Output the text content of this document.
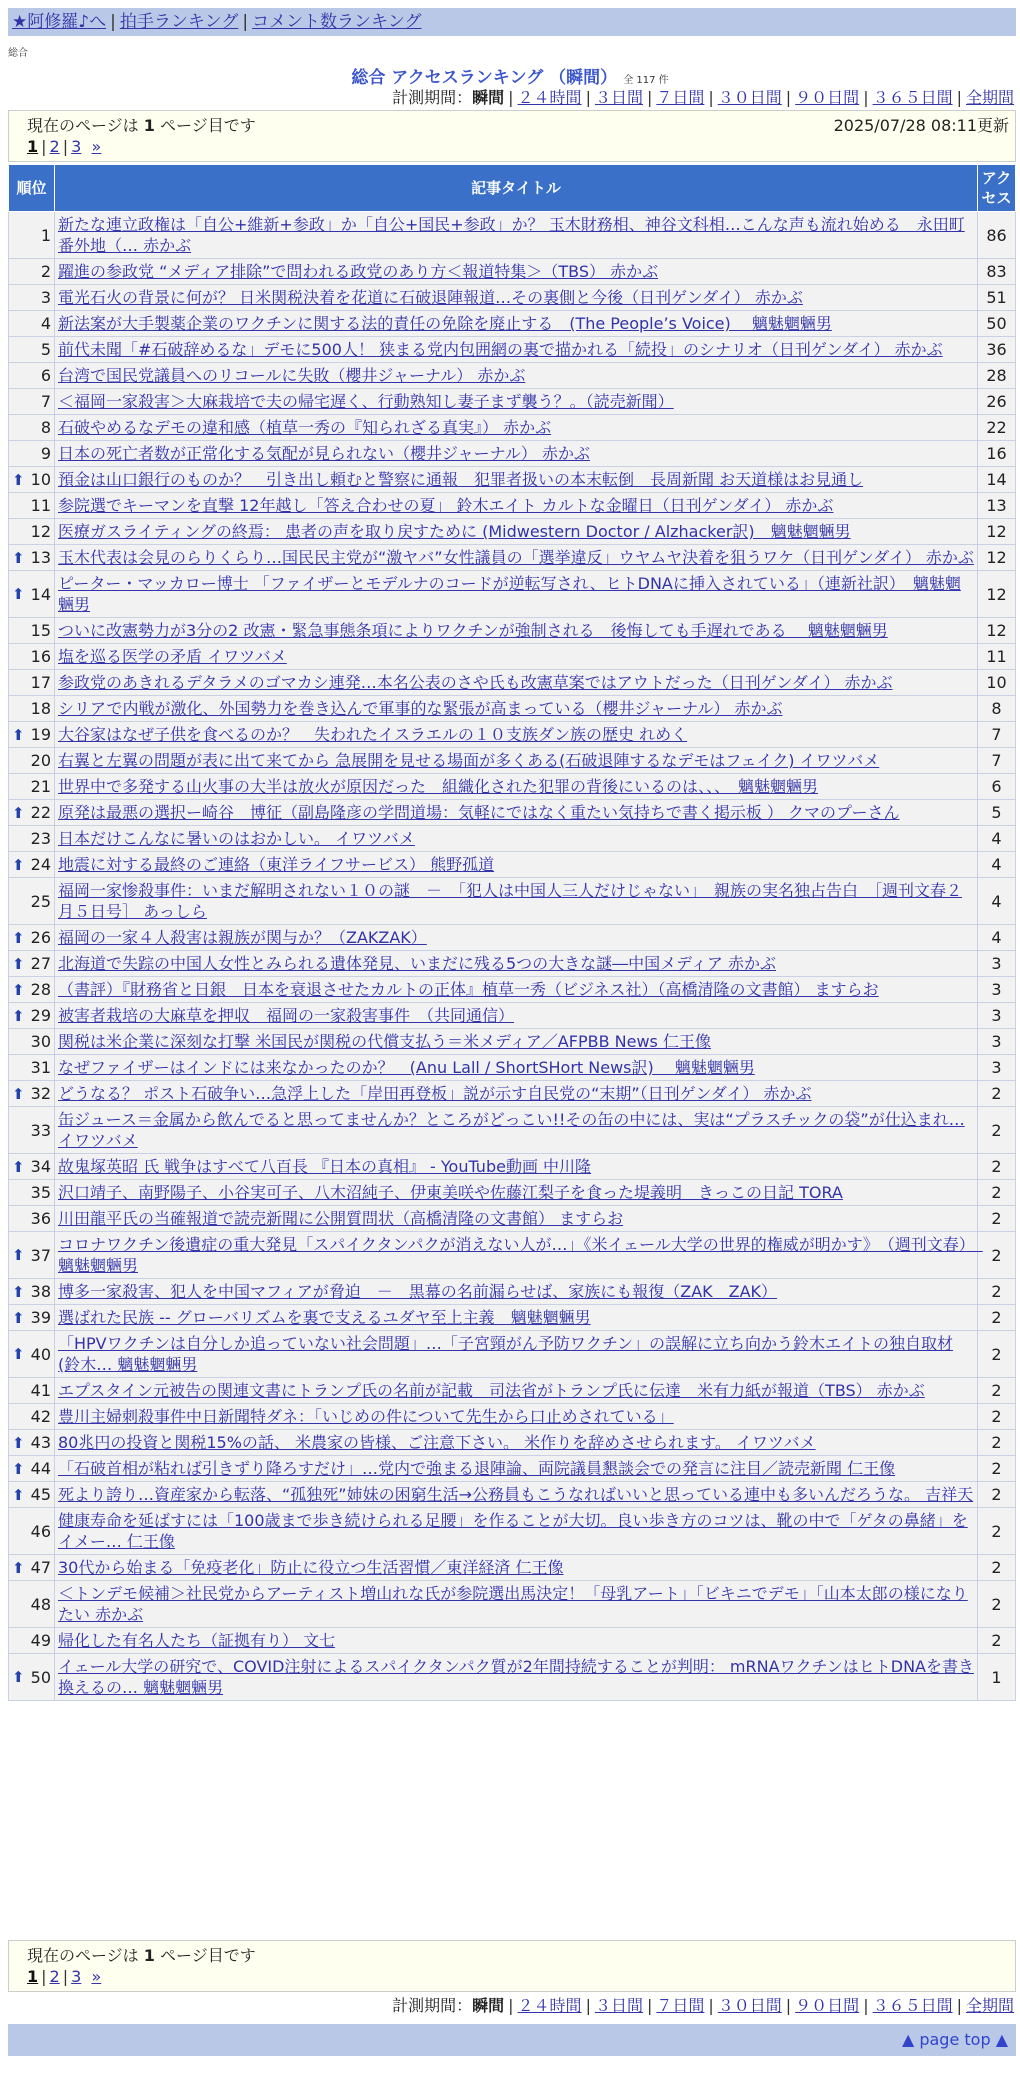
★阿修羅♪へ | 拍手ランキング | コメント数ランキング
総合
総合 アクセスランキング （瞬間） 全 117 件
計測期間：瞬間 | ２４時間 | ３日間 | ７日間 | ３０日間 | ９０日間 | ３６５日間 | 全期間
現在のページは 1 ページ目です	2025/07/28 08:11更新
1 | 2 | 3 »
順位	記事タイトル	アクセス
1	新たな連立政権は「自公+維新+参政」か「自公+国民+参政」か？ 玉木財務相、神谷文科相…こんな声も流れ始める　永田町番外地（… 赤かぶ	86
2	躍進の参政党 “メディア排除”で問われる政党のあり方＜報道特集＞（TBS） 赤かぶ	83
3	電光石火の背景に何が？ 日米関税決着を花道に石破退陣報道…その裏側と今後（日刊ゲンダイ） 赤かぶ	51
4	新法案が大手製薬企業のワクチンに関する法的責任の免除を廃止する　(The People’s Voice)　 魑魅魍魎男	50
5	前代未聞「#石破辞めるな」デモに500人！ 狭まる党内包囲網の裏で描かれる「続投」のシナリオ（日刊ゲンダイ） 赤かぶ	36
6	台湾で国民党議員へのリコールに失敗（櫻井ジャーナル） 赤かぶ	28
7	＜福岡一家殺害＞大麻栽培で夫の帰宅遅く、行動熟知し妻子まず襲う？。（読売新聞）	26
8	石破やめるなデモの違和感（植草一秀の『知られざる真実』） 赤かぶ	22
9	日本の死亡者数が正常化する気配が見られない（櫻井ジャーナル） 赤かぶ	16

⬆ 10	預金は山口銀行のものか？　引き出し頼むと警察に通報　犯罪者扱いの本末転倒　長周新聞 お天道様はお見通し	14
11	参院選でキーマンを直撃 12年越し「答え合わせの夏」 鈴木エイト カルトな金曜日（日刊ゲンダイ） 赤かぶ	13
12	医療ガスライティングの終焉： 患者の声を取り戻すために (Midwestern Doctor / Alzhacker訳)　魑魅魍魎男	12

⬆ 13	玉木代表は会見のらりくらり…国民民主党が“激ヤバ”女性議員の「選挙違反」ウヤムヤ決着を狙うワケ（日刊ゲンダイ） 赤かぶ	12

⬆ 14	ピーター・マッカロー博士 「ファイザーとモデルナのコードが逆転写され、ヒトDNAに挿入されている」（連新社訳）　魑魅魍魎男	12
15	ついに改憲勢力が3分の2 改憲・緊急事態条項によりワクチンが強制される　後悔しても手遅れである　 魑魅魍魎男	12
16	塩を巡る医学の矛盾 イワツバメ	11
17	参政党のあきれるデタラメのゴマカシ連発…本名公表のさや氏も改憲草案ではアウトだった（日刊ゲンダイ） 赤かぶ	10
18	シリアで内戦が激化、外国勢力を巻き込んで軍事的な緊張が高まっている（櫻井ジャーナル） 赤かぶ	8

⬆ 19	大谷家はなぜ子供を食べるのか？　失われたイスラエルの１０支族ダン族の歴史 れめく	7
20	右翼と左翼の問題が表に出て来てから 急展開を見せる場面が多くある(石破退陣するなデモはフェイク) イワツバメ	7
21	世界中で多発する山火事の大半は放火が原因だった　組織化された犯罪の背後にいるのは、、、　魑魅魍魎男	6

⬆ 22	原発は最悪の選択ー崎谷　博征（副島隆彦の学問道場：気軽にではなく重たい気持ちで書く掲示板 ） クマのプーさん	5
23	日本だけこんなに暑いのはおかしい。 イワツバメ	4

⬆ 24	地震に対する最終のご連絡（東洋ライフサービス） 熊野孤道	4
25	福岡一家惨殺事件：いまだ解明されない１０の謎　－　「犯人は中国人三人だけじゃない」　親族の実名独占告白　［週刊文春２月５日号］ あっしら	4

⬆ 26	福岡の一家４人殺害は親族が関与か？（ZAKZAK）	4

⬆ 27	北海道で失踪の中国人女性とみられる遺体発見、いまだに残る5つの大きな謎―中国メディア 赤かぶ	3

⬆ 28	（書評）『財務省と日銀　日本を衰退させたカルトの正体』植草一秀（ビジネス社）（高橋清隆の文書館） ますらお	3

⬆ 29	被害者栽培の大麻草を押収　福岡の一家殺害事件　（共同通信）	3
30	関税は米企業に深刻な打撃 米国民が関税の代償支払う＝米メディア／AFPBB News 仁王像	3
31	なぜファイザーはインドには来なかったのか？　(Anu Lall / ShortSHort News訳)　 魑魅魍魎男	3

⬆ 32	どうなる？ ポスト石破争い…急浮上した「岸田再登板」説が示す自民党の“末期”（日刊ゲンダイ） 赤かぶ	2
33	缶ジュース＝金属から飲んでると思ってませんか？ところがどっこい!!その缶の中には、実は“プラスチックの袋”が仕込まれ… イワツバメ	2

⬆ 34	故鬼塚英昭 氏 戦争はすべて八百長 『日本の真相』 - YouTube動画 中川隆	2
35	沢口靖子、南野陽子、小谷実可子、八木沼純子、伊東美咲や佐藤江梨子を食った堤義明　きっこの日記 TORA	2
36	川田龍平氏の当確報道で読売新聞に公開質問状（高橋清隆の文書館） ますらお	2

⬆ 37	コロナワクチン後遺症の重大発見「スパイクタンパクが消えない人が…」《米イェール大学の世界的権威が明かす》　（週刊文春）　魑魅魍魎男	2

⬆ 38	博多一家殺害、犯人を中国マフィアが脅迫　－　黒幕の名前漏らせば、家族にも報復（ZAK　ZAK）	2

⬆ 39	選ばれた民族 -- グローバリズムを裏で支えるユダヤ至上主義　魑魅魍魎男	2

⬆ 40	「HPVワクチンは自分しか追っていない社会問題」…「子宮頸がん予防ワクチン」の誤解に立ち向かう鈴木エイトの独自取材 (鈴木… 魑魅魍魎男	2
41	エプスタイン元被告の関連文書にトランプ氏の名前が記載　司法省がトランプ氏に伝達　米有力紙が報道（TBS） 赤かぶ	2
42	豊川主婦刺殺事件中日新聞特ダネ：「いじめの件について先生から口止めされている」	2

⬆ 43	80兆円の投資と関税15%の話、 米農家の皆様、ご注意下さい。 米作りを辞めさせられます。 イワツバメ	2

⬆ 44	「石破首相が粘れば引きずり降ろすだけ」…党内で強まる退陣論、両院議員懇談会での発言に注目／読売新聞 仁王像	2

⬆ 45	死より誇り…資産家から転落、“孤独死”姉妹の困窮生活→公務員もこうなればいいと思っている連中も多いんだろうな。 吉祥天	2
46	健康寿命を延ばすには「100歳まで歩き続けられる足腰」を作ることが大切。良い歩き方のコツは、靴の中で「ゲタの鼻緒」をイメー… 仁王像	2

⬆ 47	30代から始まる「免疫老化」防止に役立つ生活習慣／東洋経済 仁王像	2
48	＜トンデモ候補＞社民党からアーティスト増山れな氏が参院選出馬決定！「母乳アート」「ビキニでデモ」「山本太郎の様になりたい 赤かぶ	2
49	帰化した有名人たち（証拠有り） 文七	2

⬆ 50	イェール大学の研究で、COVID注射によるスパイクタンパク質が2年間持続することが判明： mRNAワクチンはヒトDNAを書き換えるの… 魑魅魍魎男	1
現在のページは 1 ページ目です
1 | 2 | 3 »
計測期間：瞬間 | ２４時間 | ３日間 | ７日間 | ３０日間 | ９０日間 | ３６５日間 | 全期間
▲ page top ▲
